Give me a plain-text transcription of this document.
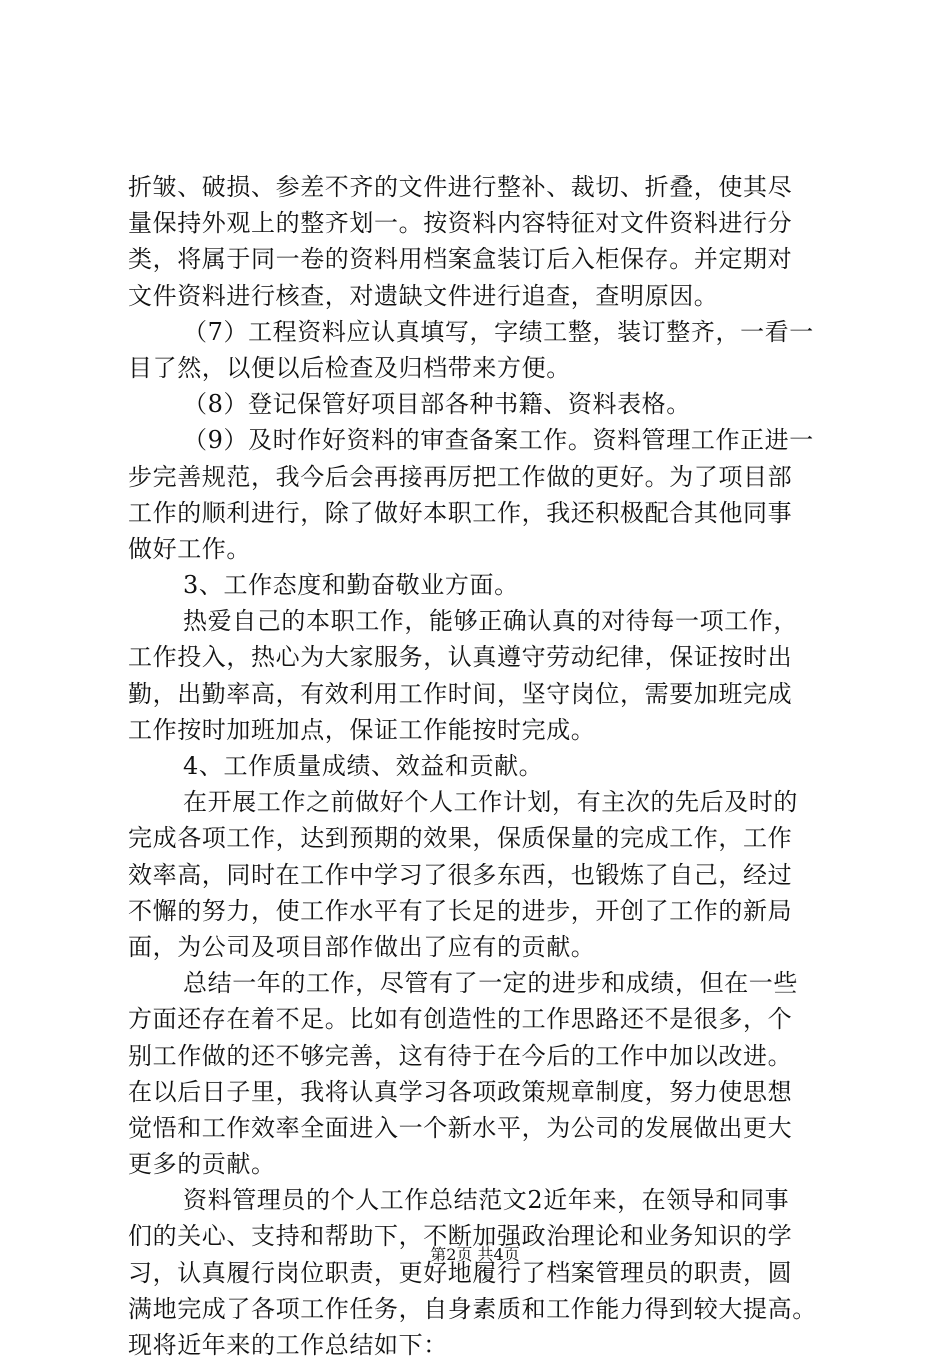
折皱、破损、参差不齐的文件进行整补、裁切、折叠，使其尽
量保持外观上的整齐划一。按资料内容特征对文件资料进行分
类，将属于同一卷的资料用档案盒装订后入柜保存。并定期对
文件资料进行核查，对遗缺文件进行追查，查明原因。
（7）工程资料应认真填写，字绩工整，装订整齐，一看一
目了然，以便以后检查及归档带来方便。
（8）登记保管好项目部各种书籍、资料表格。
（9）及时作好资料的审查备案工作。资料管理工作正进一
步完善规范，我今后会再接再厉把工作做的更好。为了项目部
工作的顺利进行，除了做好本职工作，我还积极配合其他同事
做好工作。
3、工作态度和勤奋敬业方面。
热爱自己的本职工作，能够正确认真的对待每一项工作，
工作投入，热心为大家服务，认真遵守劳动纪律，保证按时出
勤，出勤率高，有效利用工作时间，坚守岗位，需要加班完成
工作按时加班加点，保证工作能按时完成。
4、工作质量成绩、效益和贡献。
在开展工作之前做好个人工作计划，有主次的先后及时的
完成各项工作，达到预期的效果，保质保量的完成工作，工作
效率高，同时在工作中学习了很多东西，也锻炼了自己，经过
不懈的努力，使工作水平有了长足的进步，开创了工作的新局
面，为公司及项目部作做出了应有的贡献。
总结一年的工作，尽管有了一定的进步和成绩，但在一些
方面还存在着不足。比如有创造性的工作思路还不是很多，个
别工作做的还不够完善，这有待于在今后的工作中加以改进。
在以后日子里，我将认真学习各项政策规章制度，努力使思想
觉悟和工作效率全面进入一个新水平，为公司的发展做出更大
更多的贡献。
资料管理员的个人工作总结范文2近年来，在领导和同事
们的关心、支持和帮助下，不断加强政治理论和业务知识的学
习，认真履行岗位职责，更好地履行了档案管理员的职责，圆
满地完成了各项工作任务，自身素质和工作能力得到较大提高。
现将近年来的工作总结如下：
第2页 共4页
